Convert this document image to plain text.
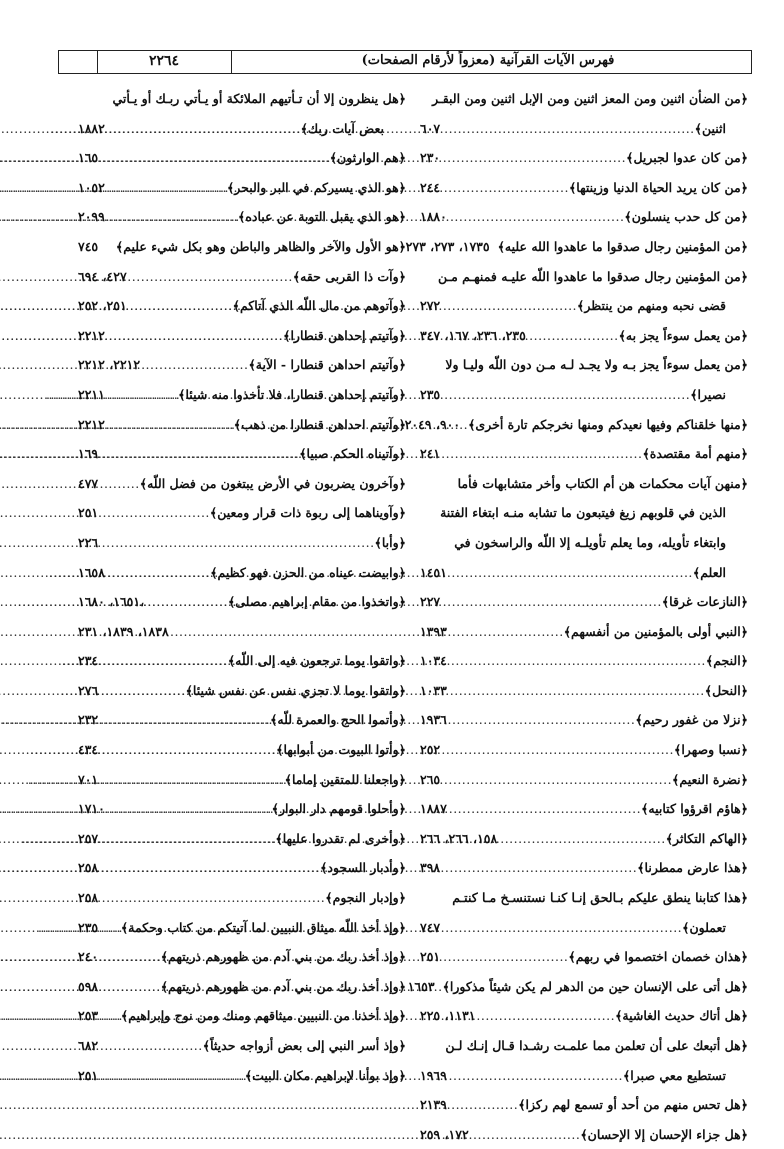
٢٢٦٤	فهرس الآيات القرآنية (معزواً لأرقام الصفحات)
﴿من الضأن اثنين ومن المعز اثنين ومن الإبل اثنين ومن البقـر
اثنين﴾
.....
٦٠٧
﴿من كان عدوا لجبريل﴾
.....
٢٣٠
﴿من كان يريد الحياة الدنيا وزينتها﴾
.....
٢٤٤
﴿من كل حدب ينسلون﴾
.....
١٨٨٠
﴿من المؤمنين رجال صدقوا ما عاهدوا الله عليه﴾
١٧٣٥، ٢٧٣، ٢٧٣
﴿من المؤمنين رجال صدقوا ما عاهدوا اللّه عليـه فمنهـم مـن
قضى نحبه ومنهم من ينتظر﴾
.....
٢٧٢
﴿من يعمل سوءاً يجز به﴾
.....
٢٣٥، ٢٣٦، ١٦٧، ٣٤٧
﴿من يعمل سوءاً يجز بـه ولا يجـد لـه مـن دون اللّه وليـا ولا
نصيرا﴾
.....
٢٣٥
﴿منها خلقناكم وفيها نعيدكم ومنها نخرجكم تارة أخرى﴾
.....
٩٠٠، ٢٠٤٩
﴿منهم أمة مقتصدة﴾
.....
٢٤١
﴿منهن آيات محكمات هن أم الكتاب وأخر متشابهات فأما
الذين في قلوبهم زيغ فيتبعون ما تشابه منـه ابتغاء الفتنة
وابتغاء تأويله، وما يعلم تأويلـه إلا اللّه والراسخون في
العلم﴾
.....
١٤٥١
﴿النازعات غرقا﴾
.....
٢٢٧
﴿النبي أولى بالمؤمنين من أنفسهم﴾
.....
١٣٩٣
﴿النجم﴾
.....
١٠٣٤
﴿النحل﴾
.....
١٠٣٣
﴿نزلا من غفور رحيم﴾
.....
١٩٣٦
﴿نسبا وصهرا﴾
.....
٢٥٢
﴿نضرة النعيم﴾
.....
٢٦٥
﴿هاؤم اقرؤوا كتابيه﴾
.....
١٨٨٧
﴿الهاكم التكاثر﴾
.....
١٥٨، ٢٦٦، ٢٦٦
﴿هذا عارض ممطرنا﴾
.....
٣٩٨
﴿هذا كتابنا ينطق عليكم بـالحق إنـا كنـا نستنسـخ مـا كنتـم
تعملون﴾
.....
٧٤٧
﴿هذان خصمان اختصموا في ربهم﴾
.....
٢٥١
﴿هل أتى على الإنسان حين من الدهر لم يكن شيئاً مذكورا﴾
.....
١٦٥٣
﴿هل أتاك حديث الغاشية﴾
.....
١١٣١، ٢٢٥
﴿هل أتبعك على أن تعلمن مما علمـت رشـدا قـال إنـك لـن
تستطيع معي صبرا﴾
.....
١٩٦٩
﴿هل تحس منهم من أحد أو تسمع لهم ركزا﴾
.....
٢١٣٩
﴿هل جزاء الإحسان إلا الإحسان﴾
.....
١٧٢، ٢٥٩
﴿هل ينظرون إلا أن تـأتيهم الملائكة أو يـأتي ربـك أو يـأتي
بعض آيات ربك﴾
.....
١٨٨٢
﴿هم الوارثون﴾
.....
١٦٥
﴿هو الذي يسيركم في البر والبحر﴾
.....
١٠٥٢
﴿هو الذي يقبل التوبة عن عباده﴾
.....
٢٠٩٩
﴿هو الأول والآخر والظاهر والباطن وهو بكل شيء عليم﴾
٧٤٥
﴿وآت ذا القربى حقه﴾
.....
٤٢٧، ٦٩٤
﴿وآتوهم من مال اللّه الذي آتاكم﴾
.....
٢٥١، ٢٥٢
﴿وآتيتم إحداهن قنطارا﴾
.....
٢٢١٢
﴿وآتيتم احداهن قنطارا - الآية﴾
.....
٢٢١٢، ٢٢١٢
﴿وآتيتم إحداهن قنطارا، فلا تأخذوا منه شيئا﴾
.....
٢٢١١
﴿وآتيتم احداهن قنطارا من ذهب﴾
.....
٢٢١٢
﴿وآتيناه الحكم صبيا﴾
.....
١٦٩
﴿وآخرون يضربون في الأرض يبتغون من فضل اللّه﴾
.....
٤٧٧
﴿وآويناهما إلى ربوة ذات قرار ومعين﴾
.....
٢٥١
﴿وأبا﴾
.....
٢٢٦
﴿وابيضت عيناه من الحزن فهو كظيم﴾
.....
١٦٥٨
﴿واتخذوا من مقام إبراهيم مصلى﴾
.....
١٦٥١، ١٦٨٠،
١٨٣٨، ١٨٣٩، ٢٣١
﴿واتقوا يوما ترجعون فيه إلى اللّه﴾
.....
٢٣٤
﴿واتقوا يوما لا تجزي نفس عن نفس شيئا﴾
.....
٢٧٦
﴿وأتموا الحج والعمرة للّه﴾
.....
٢٣٢
﴿وأتوا البيوت من أبوابها﴾
.....
٤٣٤
﴿واجعلنا للمتقين إماما﴾
.....
٧٠١
﴿وأحلوا قومهم دار البوار﴾
.....
١٧١٠
﴿وأخرى لم تقدروا عليها﴾
.....
٢٥٧
﴿وأدبار السجود﴾
.....
٢٥٨
﴿وإدبار النجوم﴾
.....
٢٥٨
﴿وإذ أخذ اللّه ميثاق النبيين لما آتيتكم من كتاب وحكمة﴾
.....
٢٣٥
﴿وإذ أخذ ربك من بني آدم من ظهورهم ذريتهم﴾
.....
٢٤٠
﴿وإذ أخذ ربك من بني آدم من ظهورهم ذريتهم﴾
.....
٥٩٨
﴿وإذ أخذنا من النبيين ميثاقهم ومنك ومن نوح وإبراهيم﴾
.....
٢٥٣
﴿وإذ أسر النبي إلى بعض أزواجه حديثاً﴾
.....
٦٨٢
﴿وإذ بوأنا لإبراهيم مكان البيت﴾
.....
٢٥١
